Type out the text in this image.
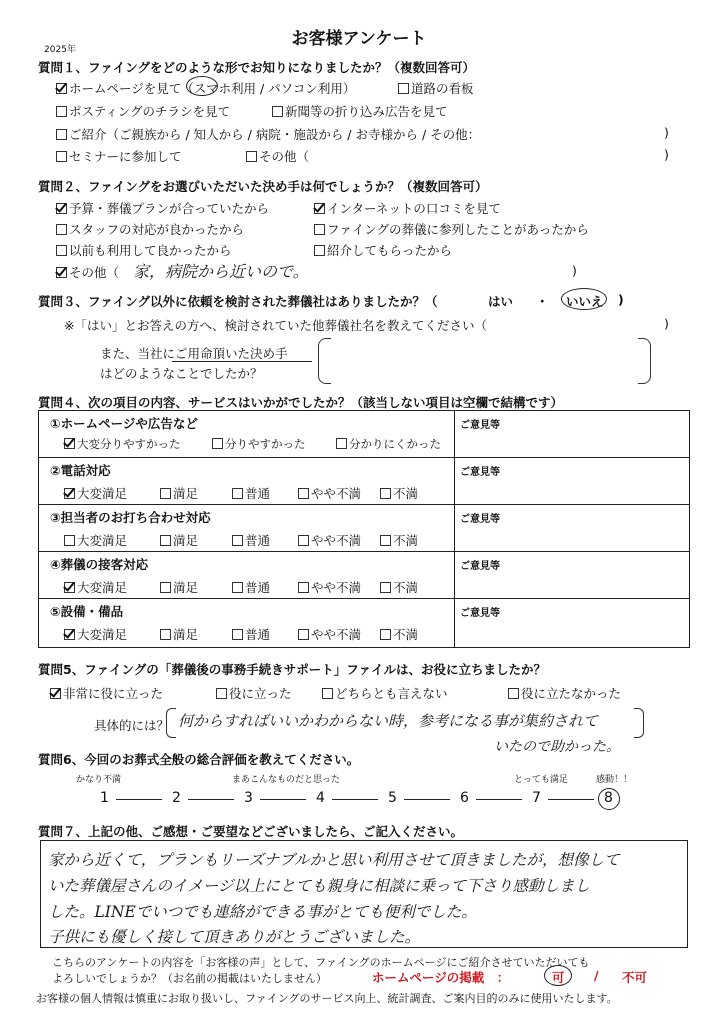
お客様アンケート
2025年
質問１、ファイングをどのような形でお知りになりましたか？（複数回答可）
ホームページを見て（スマホ利用 / パソコン利用）	道路の看板
ポスティングのチラシを見て	新聞等の折り込み広告を見て
ご紹介（ご親族から / 知人から / 病院・施設から / お寺様から / その他：	)
セミナーに参加して	その他（	)
質問２、ファイングをお選びいただいた決め手は何でしょうか？（複数回答可）
予算・葬儀プランが合っていたから	インターネットの口コミを見て
スタッフの対応が良かったから	ファイングの葬儀に参列したことがあったから
以前も利用して良かったから	紹介してもらったから
その他（ 家，病院から近いので。	)
質問３、ファイング以外に依頼を検討された葬儀社はありましたか？（	はい ・ いいえ )
※「はい」とお答えの方へ、検討されていた他葬儀社名を教えてください（	)
また、当社にご用命頂いた決め手
はどのようなことでしたか？
質問４、次の項目の内容、サービスはいかがでしたか？（該当しない項目は空欄で結構です）
①ホームページや広告など	ご意見等
大変分りやすかった	分りやすかった	分かりにくかった
②電話対応	ご意見等
大変満足	満足	普通	やや不満	不満
③担当者のお打ち合わせ対応	ご意見等
大変満足	満足	普通	やや不満	不満
④葬儀の接客対応	ご意見等
大変満足	満足	普通	やや不満	不満
⑤設備・備品	ご意見等
大変満足	満足	普通	やや不満	不満
質問5、ファイングの「葬儀後の事務手続きサポート」ファイルは、お役に立ちましたか？
非常に役に立った	役に立った	どちらとも言えない	役に立たなかった
具体的には？ 何からすればいいかわからない時，参考になる事が集約されて
いたので助かった。
質問6、今回のお葬式全般の総合評価を教えてください。
かなり不満	まあこんなものだと思った	とっても満足	感動！！
1	2	3	4	5	6	7	8
質問７、上記の他、ご感想・ご要望などございましたら、ご記入ください。
家から近くて，プランもリーズナブルかと思い利用させて頂きましたが，想像して
いた葬儀屋さんのイメージ以上にとても親身に相談に乗って下さり感動しまし
した。LINEでいつでも連絡ができる事がとても便利でした。
子供にも優しく接して頂きありがとうございました。
こちらのアンケートの内容を「お客様の声」として、ファイングのホームページにご紹介させていただいても
よろしいでしょうか？（お名前の掲載はいたしません）	ホームページの掲載　：	可 / 不可
お客様の個人情報は慎重にお取り扱いし、ファイングのサービス向上、統計調査、ご案内目的のみに使用いたします。
